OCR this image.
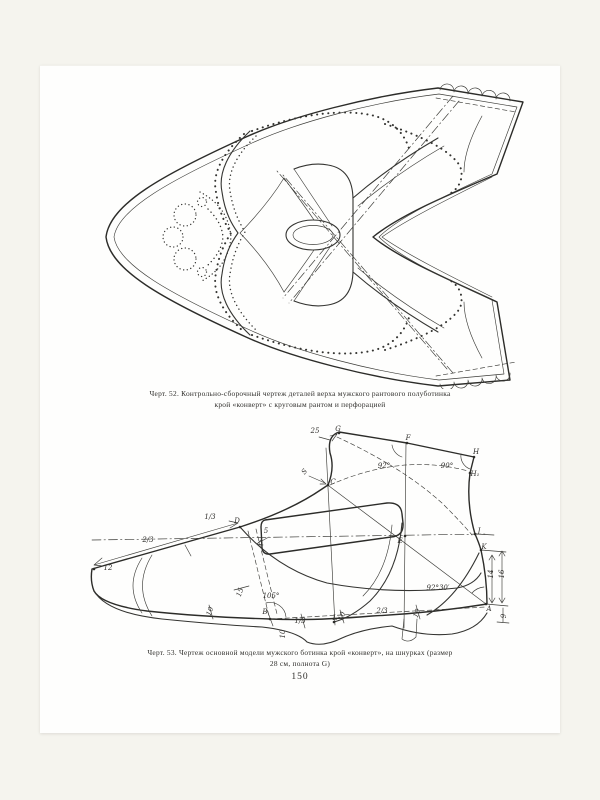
Черт. 52. Контрольно-сборочный чертеж деталей верха мужского рантового полуботинка
крой «конверт» с круговым рантом и перфорацией
25 G
F
H
H₁
92°	90°
C
S
D
1/3
2/3
12
5
E
J
K
14 16
92°30′
A
9
105°
B
1/3	L
2/3
15
10	10	10
10
Черт. 53. Чертеж основной модели мужского ботинка крой «конверт», на шнурках (размер
28 см, полнота G)
150
